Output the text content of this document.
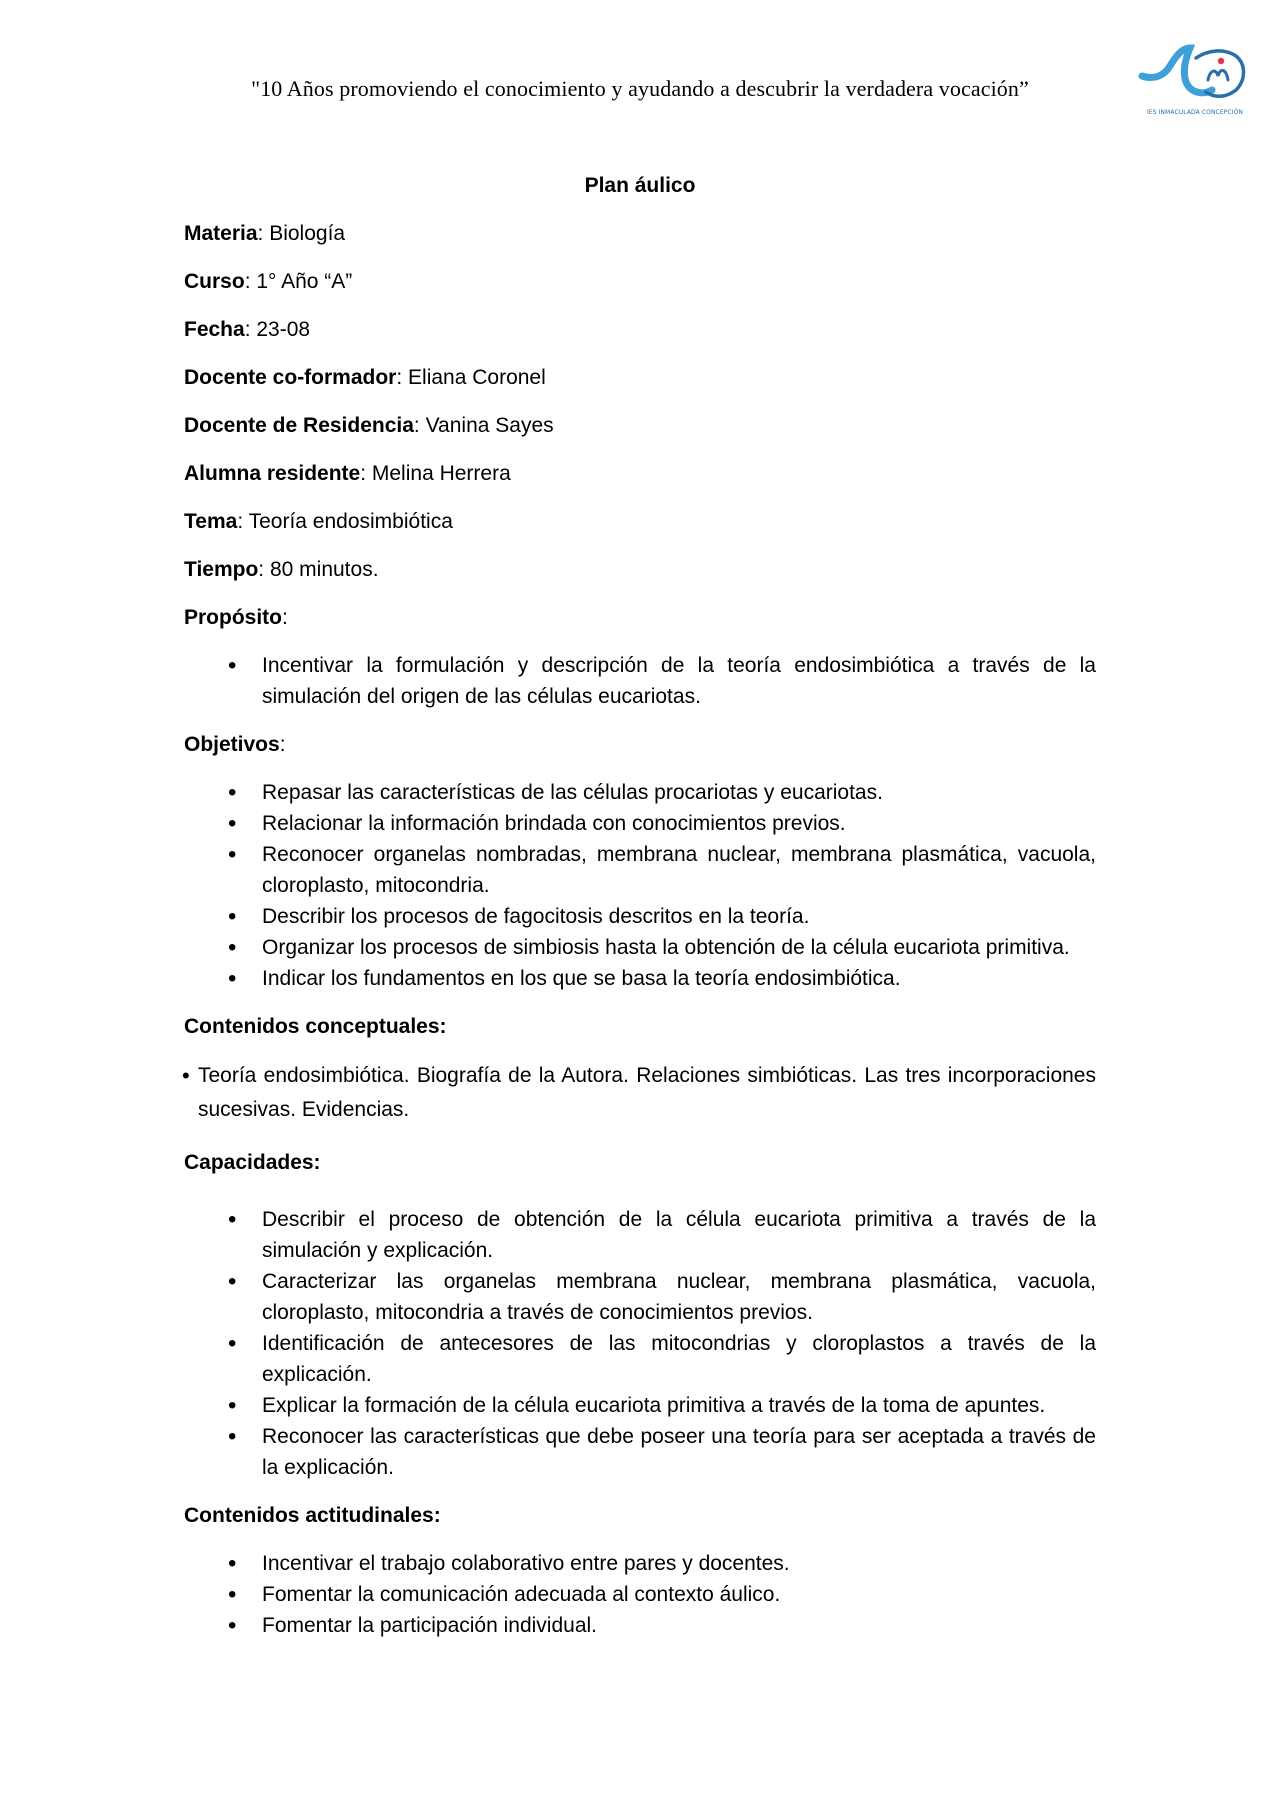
"10 Años promoviendo el conocimiento y ayudando a descubrir la verdadera vocación”
IES INMACULADA CONCEPCIÓN
Plan áulico
Materia: Biología
Curso: 1° Año “A”
Fecha: 23-08
Docente co-formador: Eliana Coronel
Docente de Residencia: Vanina Sayes
Alumna residente: Melina Herrera
Tema: Teoría endosimbiótica
Tiempo: 80 minutos.
Propósito:
• Incentivar la formulación y descripción de la teoría endosimbiótica a través de la simulación del origen de las células eucariotas.
Objetivos:
• Repasar las características de las células procariotas y eucariotas.
• Relacionar la información brindada con conocimientos previos.
• Reconocer organelas nombradas, membrana nuclear, membrana plasmática, vacuola, cloroplasto, mitocondria.
• Describir los procesos de fagocitosis descritos en la teoría.
• Organizar los procesos de simbiosis hasta la obtención de la célula eucariota primitiva.
• Indicar los fundamentos en los que se basa la teoría endosimbiótica.
Contenidos conceptuales:
• Teoría endosimbiótica. Biografía de la Autora. Relaciones simbióticas. Las tres incorporaciones sucesivas. Evidencias.
Capacidades:
• Describir el proceso de obtención de la célula eucariota primitiva a través de la simulación y explicación.
• Caracterizar las organelas membrana nuclear, membrana plasmática, vacuola, cloroplasto, mitocondria a través de conocimientos previos.
• Identificación de antecesores de las mitocondrias y cloroplastos a través de la explicación.
• Explicar la formación de la célula eucariota primitiva a través de la toma de apuntes.
• Reconocer las características que debe poseer una teoría para ser aceptada a través de la explicación.
Contenidos actitudinales:
• Incentivar el trabajo colaborativo entre pares y docentes.
• Fomentar la comunicación adecuada al contexto áulico.
• Fomentar la participación individual.
